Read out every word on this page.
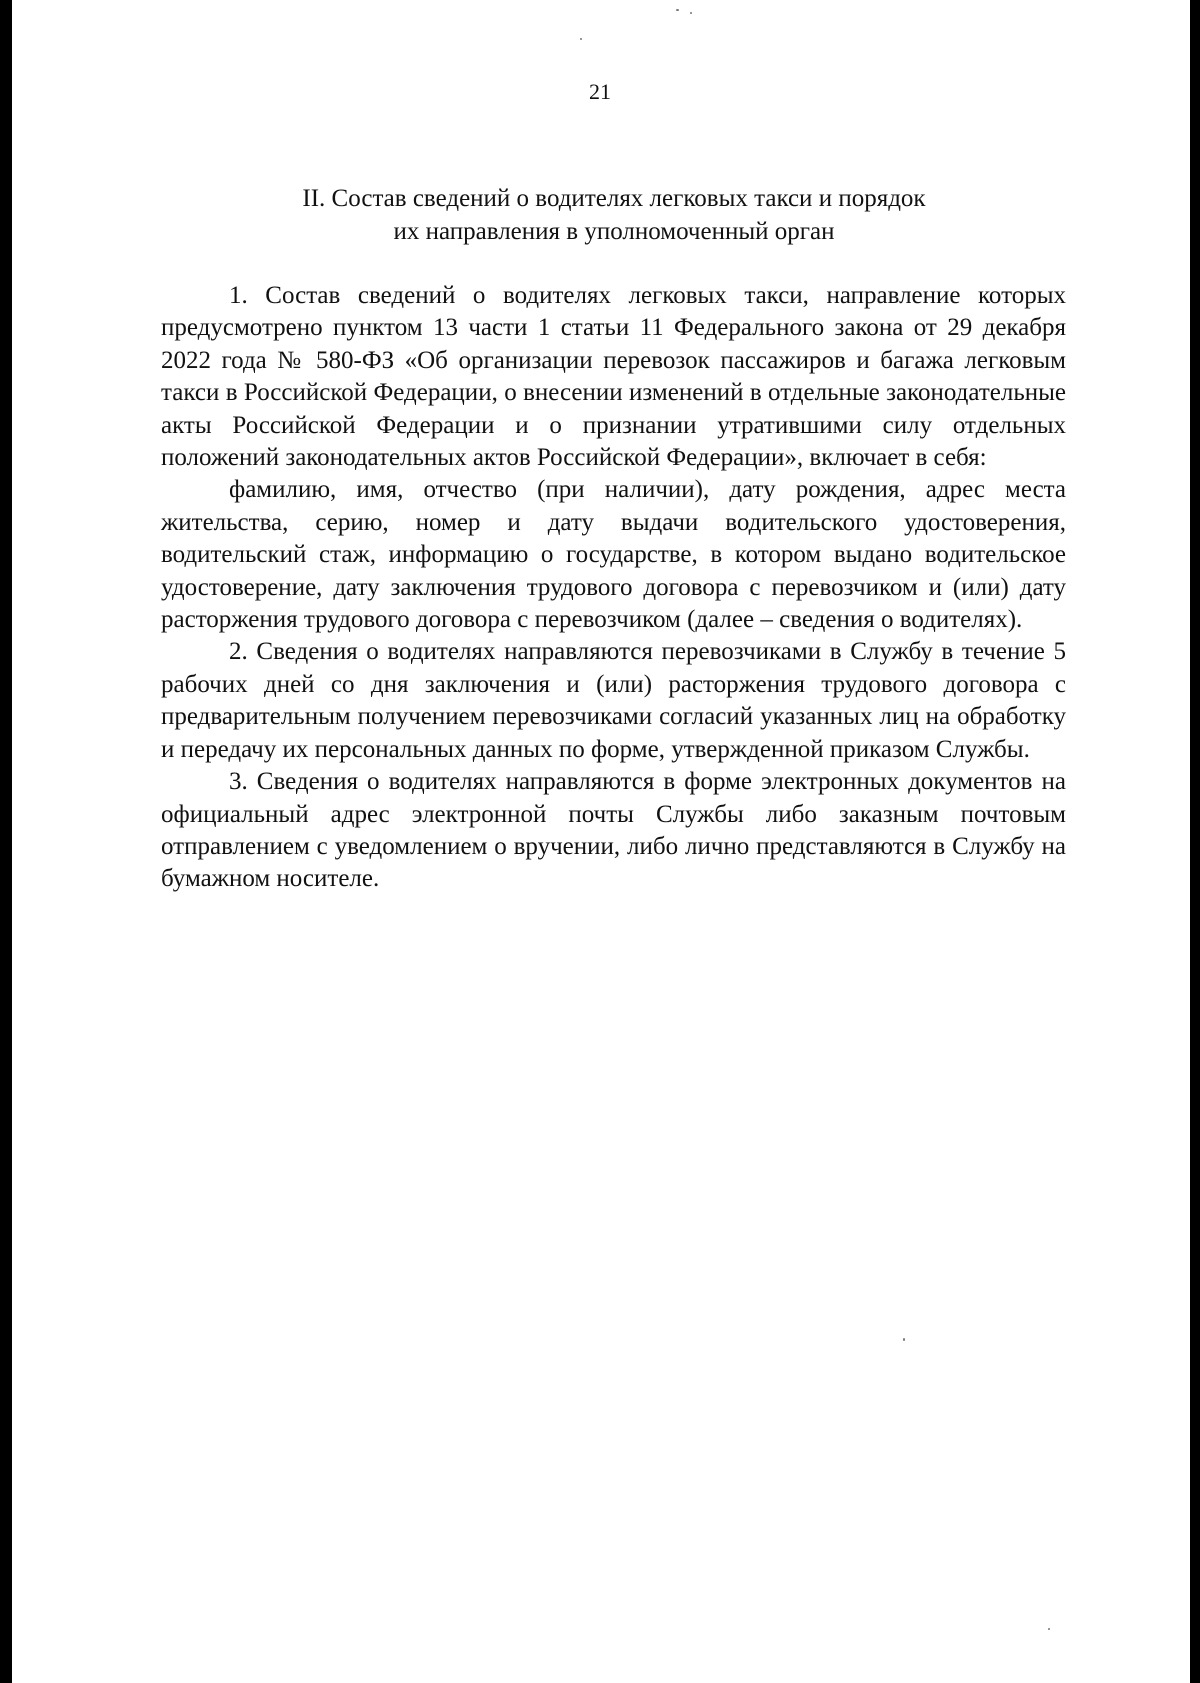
21
II. Состав сведений о водителях легковых такси и порядок
их направления в уполномоченный орган

1. Состав сведений о водителях легковых такси, направление которых предусмотрено пунктом 13 части 1 статьи 11 Федерального закона от 29 декабря 2022 года № 580-ФЗ «Об организации перевозок пассажиров и багажа легковым такси в Российской Федерации, о внесении изменений в отдельные законодательные акты Российской Федерации и о признании утратившими силу отдельных положений законодательных актов Российской Федерации», включает в себя:

фамилию, имя, отчество (при наличии), дату рождения, адрес места жительства, серию, номер и дату выдачи водительского удостоверения, водительский стаж, информацию о государстве, в котором выдано водительское удостоверение, дату заключения трудового договора с перевозчиком и (или) дату расторжения трудового договора с перевозчиком (далее – сведения о водителях).

2. Сведения о водителях направляются перевозчиками в Службу в течение 5 рабочих дней со дня заключения и (или) расторжения трудового договора с предварительным получением перевозчиками согласий указанных лиц на обработку и передачу их персональных данных по форме, утвержденной приказом Службы.

3. Сведения о водителях направляются в форме электронных документов на официальный адрес электронной почты Службы либо заказным почтовым отправлением с уведомлением о вручении, либо лично представляются в Службу на бумажном носителе.
